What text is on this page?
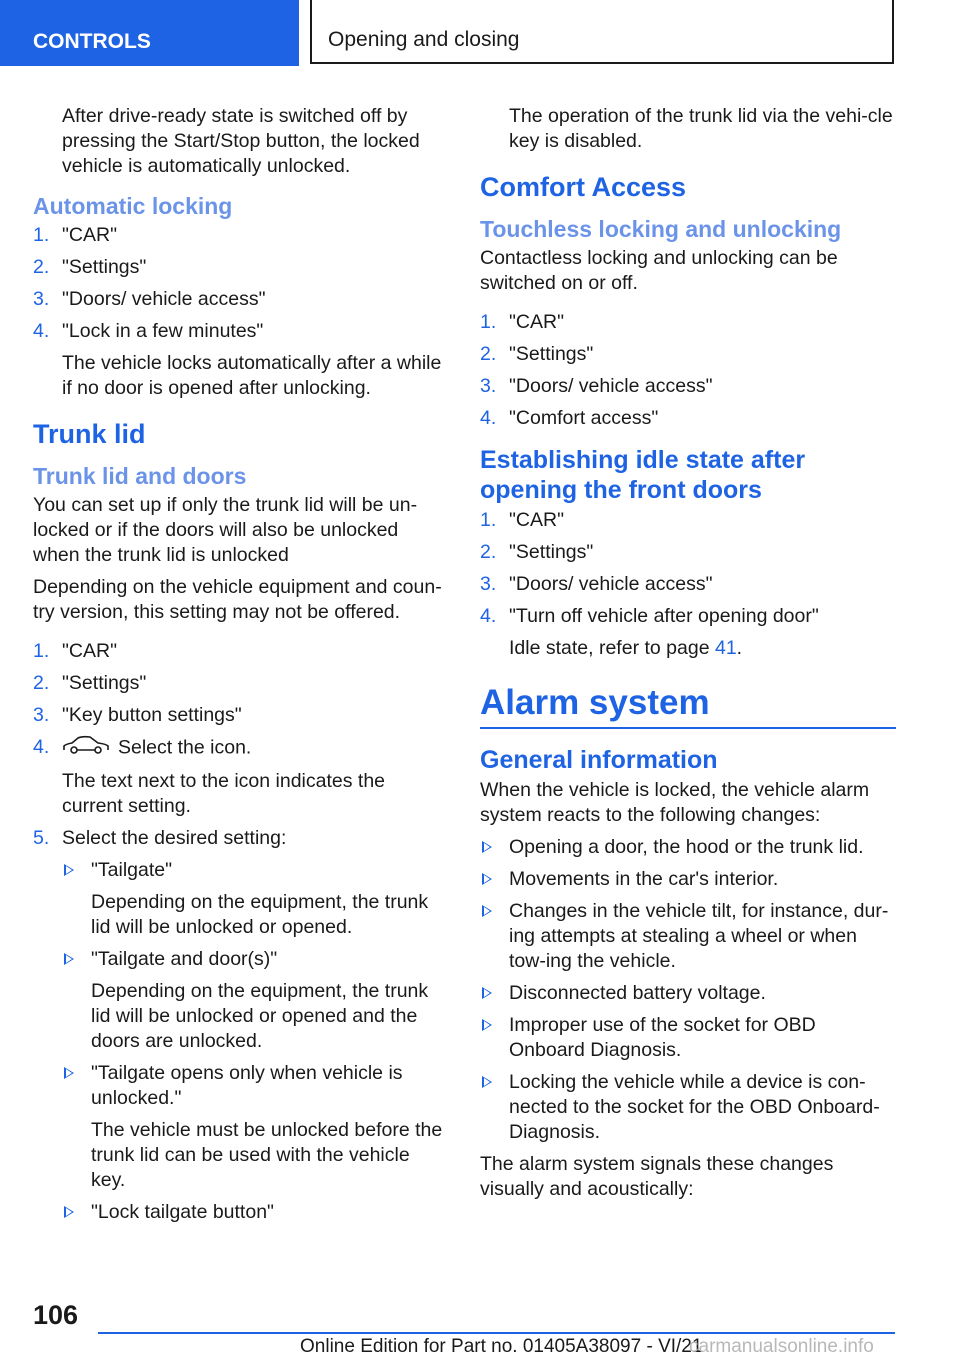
CONTROLS	Opening and closing

After drive-ready state is switched off by pressing the Start/Stop button, the locked vehicle is automatically unlocked.

Automatic locking
1. "CAR"
2. "Settings"
3. "Doors/ vehicle access"
4. "Lock in a few minutes"
The vehicle locks automatically after a while if no door is opened after unlocking.
Trunk lid
Trunk lid and doors

You can set up if only the trunk lid will be un‐locked or if the doors will also be unlocked when the trunk lid is unlocked

Depending on the vehicle equipment and coun‐try version, this setting may not be offered.

1. "CAR"
2. "Settings"
3. "Key button settings"
4.	Select the icon.
The text next to the icon indicates the current setting.
5. Select the desired setting:
"Tailgate"
Depending on the equipment, the trunk lid will be unlocked or opened.
"Tailgate and door(s)"
Depending on the equipment, the trunk lid will be unlocked or opened and the doors are unlocked.
"Tailgate opens only when vehicle is unlocked."
The vehicle must be unlocked before the trunk lid can be used with the vehicle key.
"Lock tailgate button"

The operation of the trunk lid via the vehi‐cle key is disabled.

Comfort Access
Touchless locking and unlocking

Contactless locking and unlocking can be switched on or off.

1. "CAR"
2. "Settings"
3. "Doors/ vehicle access"
4. "Comfort access"
Establishing idle state after opening the front doors
1. "CAR"
2. "Settings"
3. "Doors/ vehicle access"
4. "Turn off vehicle after opening door"
Idle state, refer to page 41.
Alarm system
General information

When the vehicle is locked, the vehicle alarm system reacts to the following changes:

Opening a door, the hood or the trunk lid.
Movements in the car's interior.
Changes in the vehicle tilt, for instance, dur‐ing attempts at stealing a wheel or when tow‐ing the vehicle.
Disconnected battery voltage.
Improper use of the socket for OBD Onboard Diagnosis.
Locking the vehicle while a device is con‐nected to the socket for the OBD Onboard-Diagnosis.

The alarm system signals these changes visually and acoustically:

106
Online Edition for Part no. 01405A38097 - VI/21
carmanualsonline.info
